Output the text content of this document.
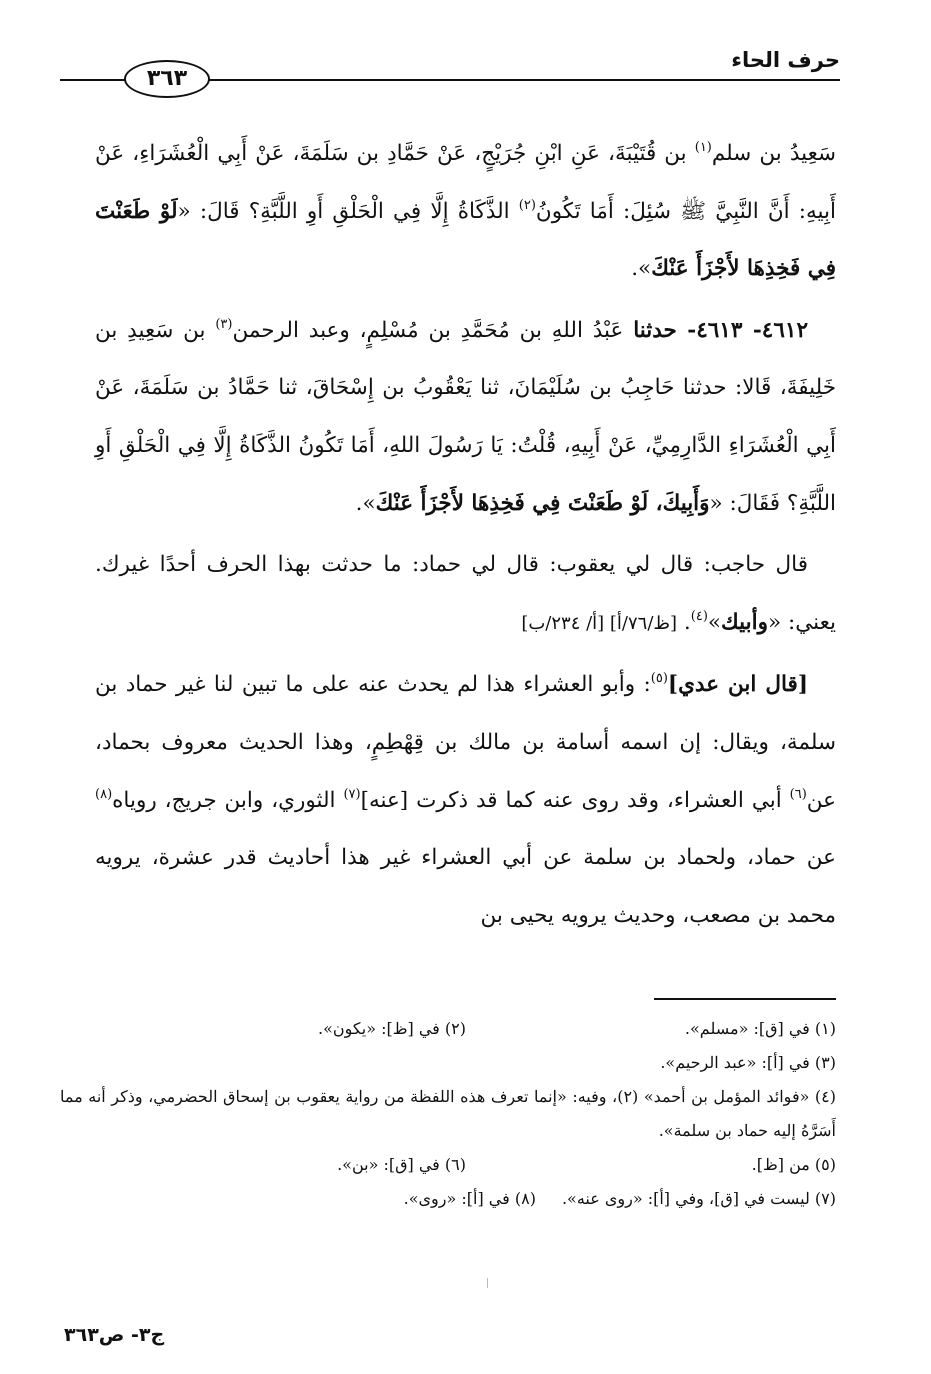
حرف الحاء
٣٦٣

سَعِيدُ بن سلم$^{(١)}$ بن قُتَيْبَةَ، عَنِ ابْنِ جُرَيْجٍ، عَنْ حَمَّادِ بن سَلَمَةَ، عَنْ أَبِي الْعُشَرَاءِ، عَنْ أَبِيهِ: أَنَّ النَّبِيَّ ﷺ سُئِلَ: أَمَا تَكُونُ$^{(٢)}$ الذَّكَاةُ إِلَّا فِي الْحَلْقِ أَوِ اللَّبَّةِ؟ قَالَ: «لَوْ طَعَنْتَ فِي فَخِذِهَا لأَجْزَأَ عَنْكَ».

٤٦١٢- ٤٦١٣- حدثنا عَبْدُ اللهِ بن مُحَمَّدِ بن مُسْلِمٍ، وعبد الرحمن$^{(٣)}$ بن سَعِيدِ بن خَلِيفَةَ، قَالا: حدثنا حَاجِبُ بن سُلَيْمَانَ، ثنا يَعْقُوبُ بن إِسْحَاقَ، ثنا حَمَّادُ بن سَلَمَةَ، عَنْ أَبِي الْعُشَرَاءِ الدَّارِمِيِّ، عَنْ أَبِيهِ، قُلْتُ: يَا رَسُولَ اللهِ، أَمَا تَكُونُ الذَّكَاةُ إِلَّا فِي الْحَلْقِ أَوِ اللَّبَّةِ؟ فَقَالَ: «وَأَبِيكَ، لَوْ طَعَنْتَ فِي فَخِذِهَا لأَجْزَأَ عَنْكَ».

قال حاجب: قال لي يعقوب: قال لي حماد: ما حدثت بهذا الحرف أحدًا غيرك. يعني: «وأبيك»$^{(٤)}$. [ظ/٧٦/أ] [أ/ ٢٣٤/ب]

[قال ابن عدي]$^{(٥)}$: وأبو العشراء هذا لم يحدث عنه على ما تبين لنا غير حماد بن سلمة، ويقال: إن اسمه أسامة بن مالك بن قِهْطِمٍ، وهذا الحديث معروف بحماد، عن$^{(٦)}$ أبي العشراء، وقد روى عنه كما قد ذكرت [عنه]$^{(٧)}$ الثوري، وابن جريج، روياه$^{(٨)}$ عن حماد، ولحماد بن سلمة عن أبي العشراء غير هذا أحاديث قدر عشرة، يرويه محمد بن مصعب، وحديث يرويه يحيى بن

(١) في [ق]: «مسلم».
(٢) في [ظ]: «يكون».
(٣) في [أ]: «عبد الرحيم».
(٤) «فوائد المؤمل بن أحمد» (٢)، وفيه: «إنما تعرف هذه اللفظة من رواية يعقوب بن إسحاق الحضرمي، وذكر أنه مما أَسَرَّهُ إليه حماد بن سلمة».
(٥) من [ظ].
(٦) في [ق]: «بن».
(٧) ليست في [ق]، وفي [أ]: «روى عنه».
(٨) في [أ]: «روى».
ج٣- ص٣٦٣
